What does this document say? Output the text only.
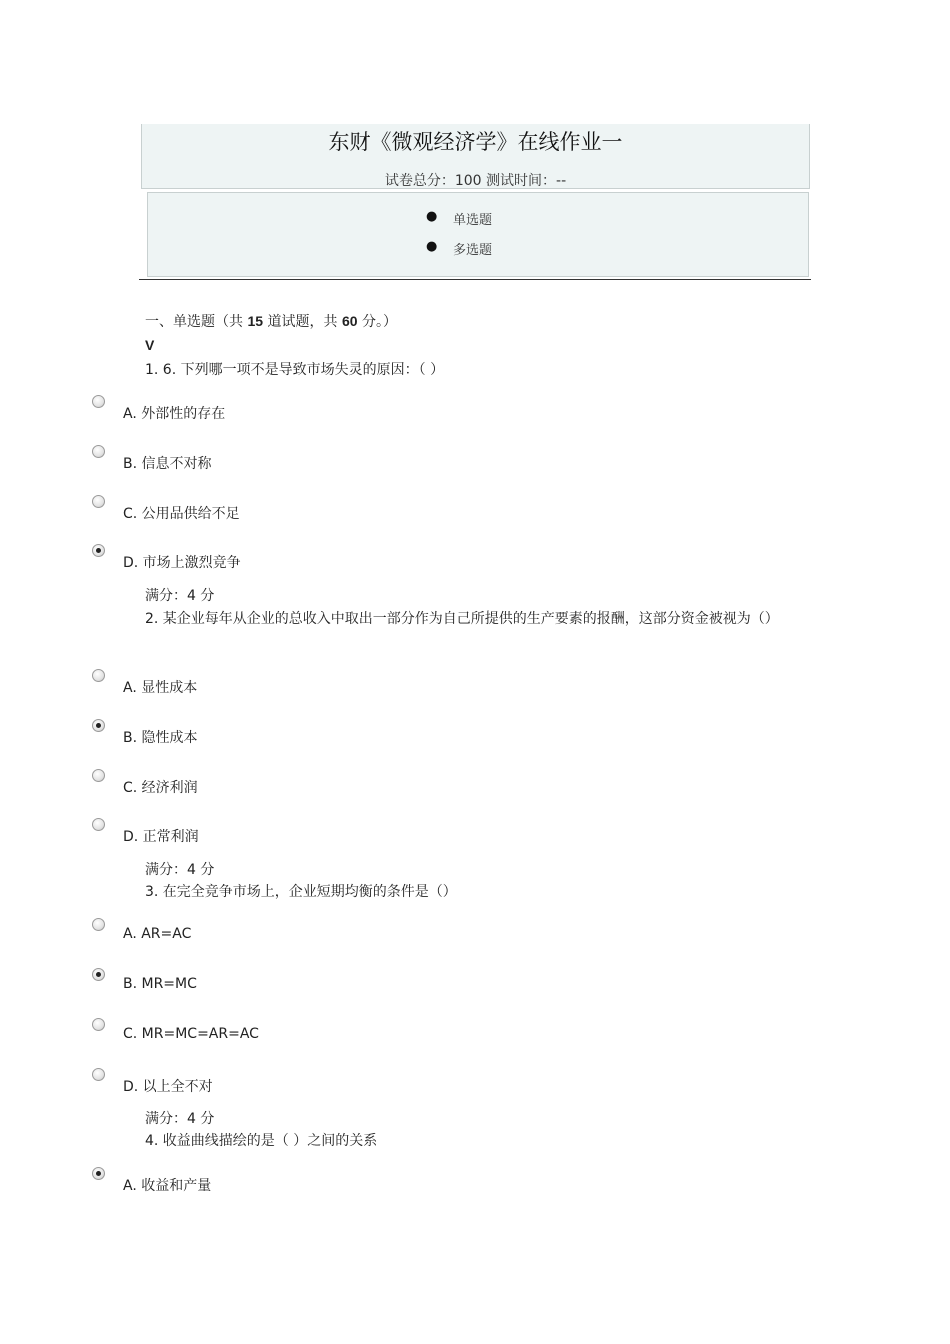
东财《微观经济学》在线作业一
试卷总分：100 测试时间：--
● 单选题
● 多选题
一、单选题（共 15 道试题，共 60 分。）
V
1. 6. 下列哪一项不是导致市场失灵的原因：（ ）
A. 外部性的存在
B. 信息不对称
C. 公用品供给不足
D. 市场上激烈竞争
满分：4 分
2. 某企业每年从企业的总收入中取出一部分作为自己所提供的生产要素的报酬，这部分资金被视为（）
A. 显性成本
B. 隐性成本
C. 经济利润
D. 正常利润
满分：4 分
3. 在完全竞争市场上，企业短期均衡的条件是（）
A. AR=AC
B. MR=MC
C. MR=MC=AR=AC
D. 以上全不对
满分：4 分
4. 收益曲线描绘的是（ ）之间的关系
A. 收益和产量
